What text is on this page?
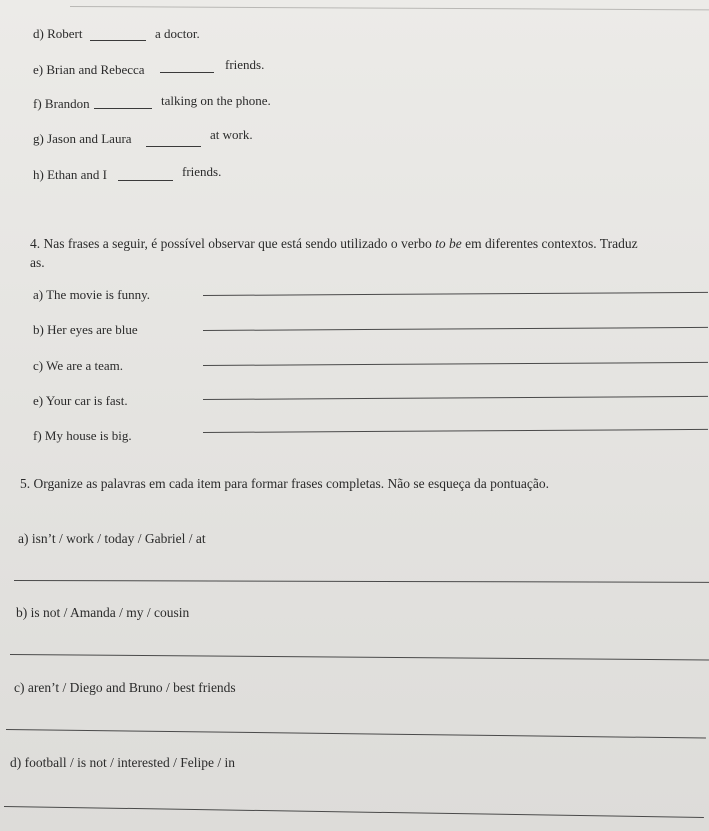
d) Robert	a doctor.
e) Brian and Rebecca	friends.
f) Brandon	talking on the phone.
g) Jason and Laura	at work.
h) Ethan and I	friends.
4. Nas frases a seguir, é possível observar que está sendo utilizado o verbo to be em diferentes contextos. Traduz
as.
a) The movie is funny.
b) Her eyes are blue
c) We are a team.
e) Your car is fast.
f) My house is big.
5. Organize as palavras em cada item para formar frases completas. Não se esqueça da pontuação.
a) isn’t / work / today / Gabriel / at
b) is not / Amanda / my / cousin
c) aren’t / Diego and Bruno / best friends
d) football / is not / interested / Felipe / in
